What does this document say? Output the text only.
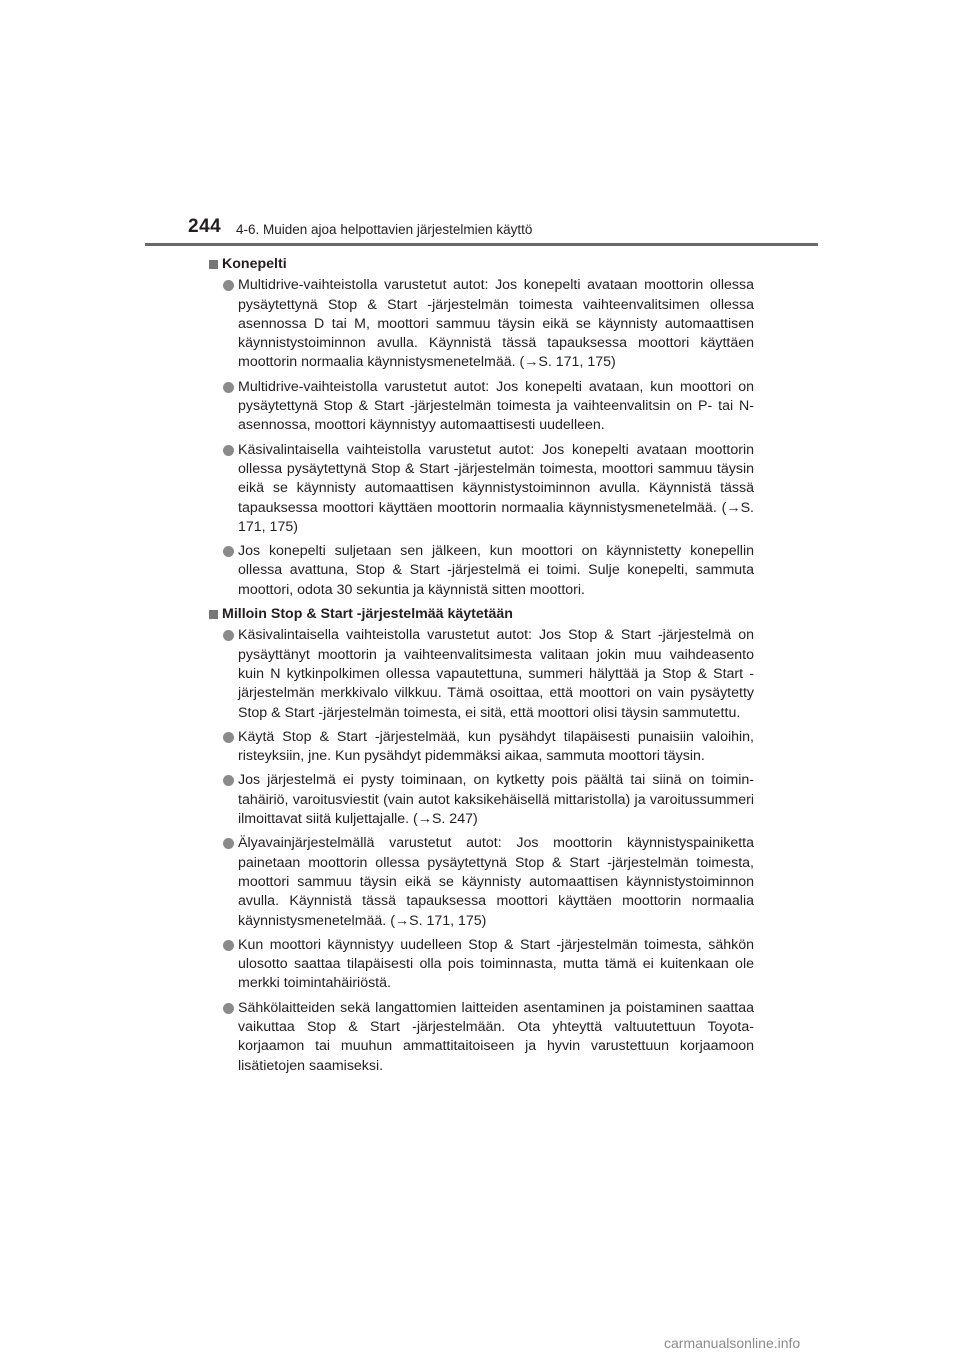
244 4-6. Muiden ajoa helpottavien järjestelmien käyttö
Konepelti

Multidrive-vaihteistolla varustetut autot: Jos konepelti avataan moottorin ollessa pysäytettynä Stop & Start -järjestelmän toimesta vaihteenvalitsimen ollessa asennossa D tai M, moottori sammuu täysin eikä se käynnisty automaattisen käynnistystoiminnon avulla. Käynnistä tässä tapauksessa moottori käyttäen moottorin normaalia käynnistysmenetelmää. (→S. 171, 175)

Multidrive-vaihteistolla varustetut autot: Jos konepelti avataan, kun moottori on pysäytettynä Stop & Start -järjestelmän toimesta ja vaihteenvalitsin on P- tai N-asennossa, moottori käynnistyy automaattisesti uudelleen.

Käsivalintaisella vaihteistolla varustetut autot: Jos konepelti avataan moottorin ollessa pysäytettynä Stop & Start -järjestelmän toimesta, moottori sammuu täysin eikä se käynnisty automaattisen käynnistystoiminnon avulla. Käynnistä tässä tapauksessa moottori käyttäen moottorin normaalia käynnistysmenetelmää. (→S. 171, 175)

Jos konepelti suljetaan sen jälkeen, kun moottori on käynnistetty konepellin ollessa avattuna, Stop & Start -järjestelmä ei toimi. Sulje konepelti, sammuta moottori, odota 30 sekuntia ja käynnistä sitten moottori.

Milloin Stop & Start -järjestelmää käytetään

Käsivalintaisella vaihteistolla varustetut autot: Jos Stop & Start -järjestelmä on pysäyttänyt moottorin ja vaihteenvalitsimesta valitaan jokin muu vaihdeasento kuin N kytkinpolkimen ollessa vapautettuna, summeri hälyttää ja Stop & Start -järjestelmän merkkivalo vilkkuu. Tämä osoittaa, että moottori on vain pysäytetty Stop & Start -järjestelmän toimesta, ei sitä, että moottori olisi täysin sammutettu.

Käytä Stop & Start -järjestelmää, kun pysähdyt tilapäisesti punaisiin valoihin, risteyksiin, jne. Kun pysähdyt pidemmäksi aikaa, sammuta moottori täysin.

Jos järjestelmä ei pysty toiminaan, on kytketty pois päältä tai siinä on toimintahäiriö, varoitusviestit (vain autot kaksikehäisellä mittaristolla) ja varoitussummeri ilmoittavat siitä kuljettajalle. (→S. 247)

Älyavainjärjestelmällä varustetut autot: Jos moottorin käynnistyspainiketta painetaan moottorin ollessa pysäytettynä Stop & Start -järjestelmän toimesta, moottori sammuu täysin eikä se käynnisty automaattisen käynnistystoiminnon avulla. Käynnistä tässä tapauksessa moottori käyttäen moottorin normaalia käynnistysmenetelmää. (→S. 171, 175)

Kun moottori käynnistyy uudelleen Stop & Start -järjestelmän toimesta, sähkön ulosotto saattaa tilapäisesti olla pois toiminnasta, mutta tämä ei kuitenkaan ole merkki toimintahäiriöstä.

Sähkölaitteiden sekä langattomien laitteiden asentaminen ja poistaminen saattaa vaikuttaa Stop & Start -järjestelmään. Ota yhteyttä valtuutettuun Toyota-korjaamon tai muuhun ammattitaitoiseen ja hyvin varustettuun korjaamoon lisätietojen saamiseksi.

carmanualsonline.info
